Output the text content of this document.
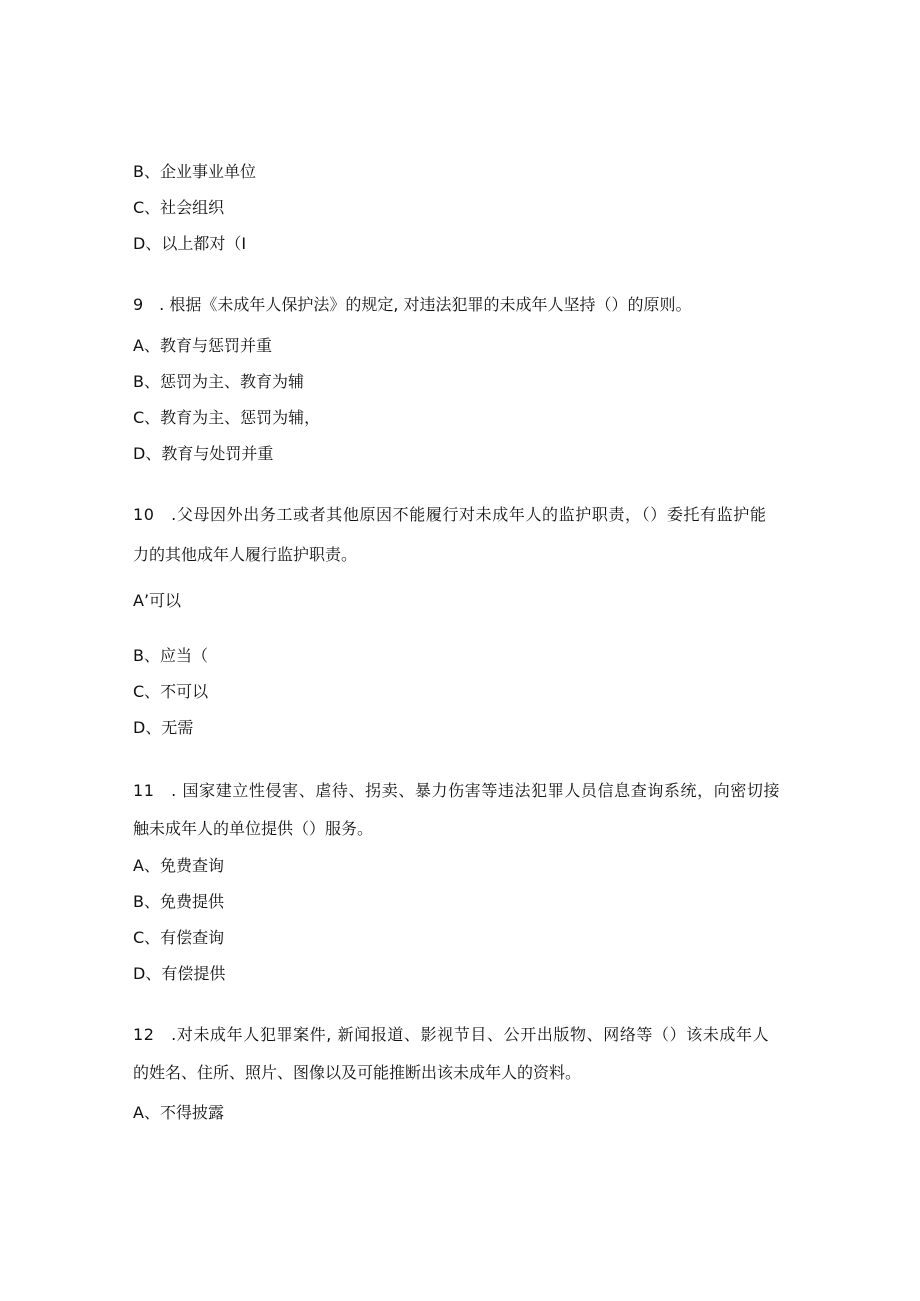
B、企业事业单位
C、社会组织
D、以上都对（I
9　. 根据《未成年人保护法》的规定, 对违法犯罪的未成年人坚持（）的原则。
A、教育与惩罚并重
B、惩罚为主、教育为辅
C、教育为主、惩罚为辅，
D、教育与处罚并重
10　.父母因外出务工或者其他原因不能履行对未成年人的监护职责，（）委托有监护能
力的其他成年人履行监护职责。
A’可以
B、应当（
C、不可以
D、无需
11　. 国家建立性侵害、虐待、拐卖、暴力伤害等违法犯罪人员信息查询系统，向密切接
触未成年人的单位提供（）服务。
A、免费查询
B、免费提供
C、有偿查询
D、有偿提供
12　.对未成年人犯罪案件, 新闻报道、影视节目、公开出版物、网络等（）该未成年人
的姓名、住所、照片、图像以及可能推断出该未成年人的资料。
A、不得披露
